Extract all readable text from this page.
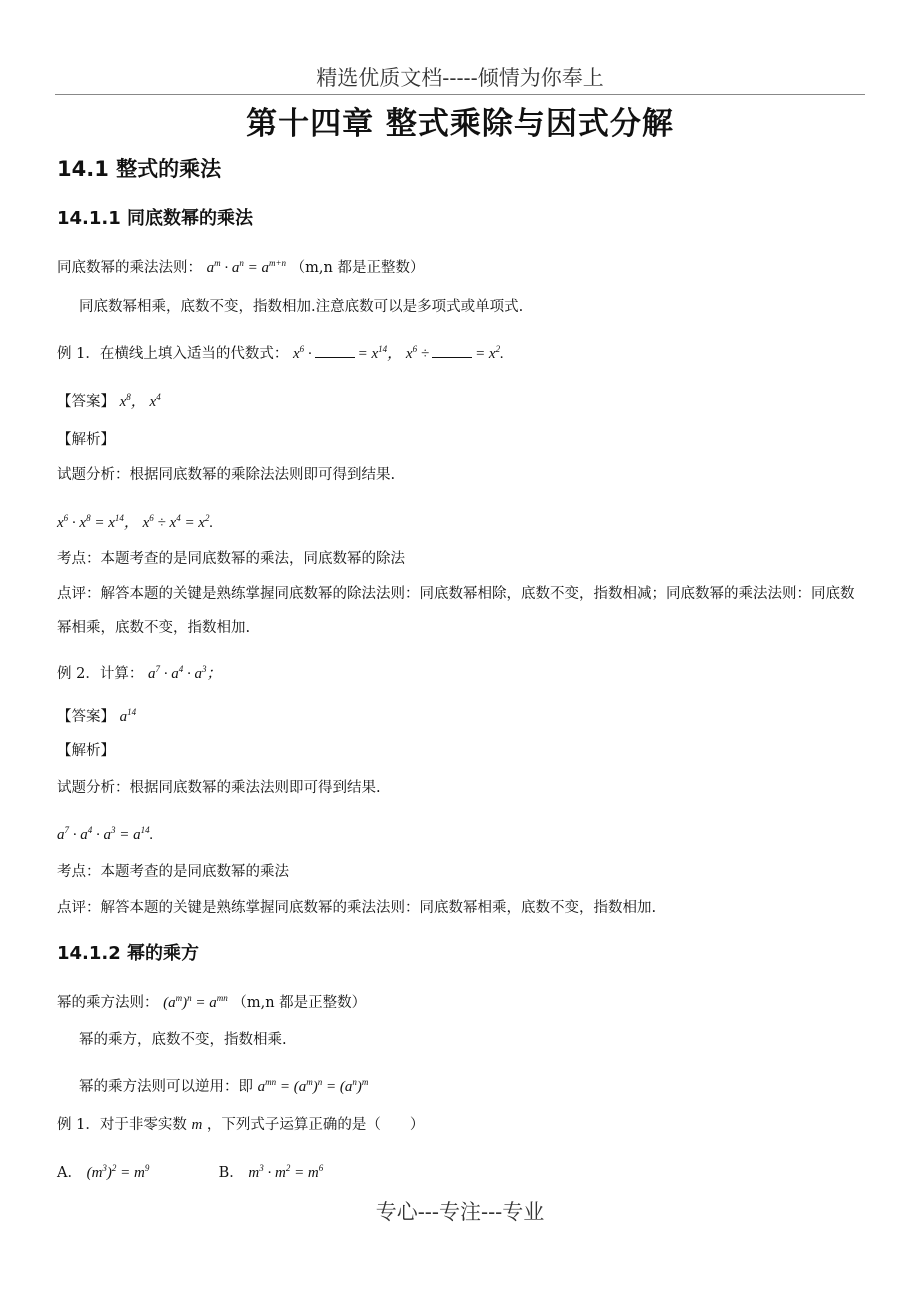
精选优质文档-----倾情为你奉上
第十四章 整式乘除与因式分解
14.1 整式的乘法
14.1.1 同底数幂的乘法
同底数幂的乘法法则： $a^m \cdot a^n = a^{m+n}$ （m,n 都是正整数）
同底数幂相乘，底数不变，指数相加.注意底数可以是多项式或单项式.
例 1．在横线上填入适当的代数式： $x^6$ ·	= $x^{14}$， $x^6$ ÷	= $x^2$.
【答案】 $x^8$， $x^4$
【解析】
试题分析：根据同底数幂的乘除法法则即可得到结果.
$x^6 \cdot x^8 = x^{14}$， $x^6 \div x^4 = x^2$.
考点：本题考查的是同底数幂的乘法，同底数幂的除法
点评：解答本题的关键是熟练掌握同底数幂的除法法则：同底数幂相除，底数不变，指数相减；同底数幂的乘法法则：同底数幂相乘，底数不变，指数相加.
例 2．计算： $a^7 \cdot a^4 \cdot a^3$；
【答案】 $a^{14}$
【解析】
试题分析：根据同底数幂的乘法法则即可得到结果.
$a^7 \cdot a^4 \cdot a^3 = a^{14}$.
考点：本题考查的是同底数幂的乘法
点评：解答本题的关键是熟练掌握同底数幂的乘法法则：同底数幂相乘，底数不变，指数相加.
14.1.2 幂的乘方
幂的乘方法则： $(a^m)^n = a^{mn}$ （m,n 都是正整数）
幂的乘方，底数不变，指数相乘.
幂的乘方法则可以逆用：即 $a^{mn} = (a^m)^n = (a^n)^m$
例 1．对于非零实数 m ，下列式子运算正确的是（　　）
A． $(m^3)^2 = m^9$	B． $m^3 \cdot m^2 = m^6$
专心---专注---专业
